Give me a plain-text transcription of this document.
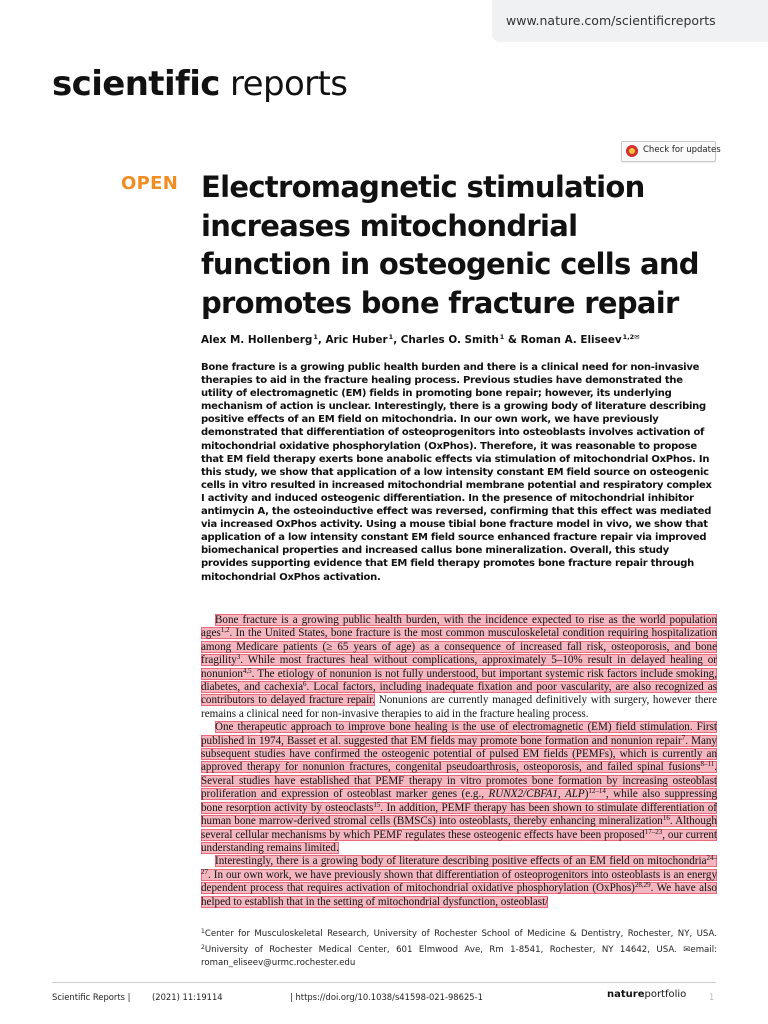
www.nature.com/scientificreports
scientific reports
Check for updates
OPEN Electromagnetic stimulation increases mitochondrial function in osteogenic cells and promotes bone fracture repair
Alex M. Hollenberg$^1$, Aric Huber$^1$, Charles O. Smith$^1$ & Roman A. Eliseev$^{1,2✉}$

Bone fracture is a growing public health burden and there is a clinical need for non-invasive therapies to aid in the fracture healing process. Previous studies have demonstrated the utility of electromagnetic (EM) fields in promoting bone repair; however, its underlying mechanism of action is unclear. Interestingly, there is a growing body of literature describing positive effects of an EM field on mitochondria. In our own work, we have previously demonstrated that differentiation of osteoprogenitors into osteoblasts involves activation of mitochondrial oxidative phosphorylation (OxPhos). Therefore, it was reasonable to propose that EM field therapy exerts bone anabolic effects via stimulation of mitochondrial OxPhos. In this study, we show that application of a low intensity constant EM field source on osteogenic cells in vitro resulted in increased mitochondrial membrane potential and respiratory complex I activity and induced osteogenic differentiation. In the presence of mitochondrial inhibitor antimycin A, the osteoinductive effect was reversed, confirming that this effect was mediated via increased OxPhos activity. Using a mouse tibial bone fracture model in vivo, we show that application of a low intensity constant EM field source enhanced fracture repair via improved biomechanical properties and increased callus bone mineralization. Overall, this study provides supporting evidence that EM field therapy promotes bone fracture repair through mitochondrial OxPhos activation.

Bone fracture is a growing public health burden, with the incidence expected to rise as the world population ages$^{1,2}$. In the United States, bone fracture is the most common musculoskeletal condition requiring hospitalization among Medicare patients (≥ 65 years of age) as a consequence of increased fall risk, osteoporosis, and bone fragility$^3$. While most fractures heal without complications, approximately 5–10% result in delayed healing or nonunion$^{4,5}$. The etiology of nonunion is not fully understood, but important systemic risk factors include smoking, diabetes, and cachexia$^6$. Local factors, including inadequate fixation and poor vascularity, are also recognized as contributors to delayed fracture repair. Nonunions are currently managed definitively with surgery, however there remains a clinical need for non-invasive therapies to aid in the fracture healing process.

One therapeutic approach to improve bone healing is the use of electromagnetic (EM) field stimulation. First published in 1974, Basset et al. suggested that EM fields may promote bone formation and nonunion repair$^7$. Many subsequent studies have confirmed the osteogenic potential of pulsed EM fields (PEMFs), which is currently an approved therapy for nonunion fractures, congenital pseudoarthrosis, osteoporosis, and failed spinal fusions$^{8-11}$. Several studies have established that PEMF therapy in vitro promotes bone formation by increasing osteoblast proliferation and expression of osteoblast marker genes (e.g., RUNX2/CBFA1, ALP)$^{12-14}$, while also suppressing bone resorption activity by osteoclasts$^{15}$. In addition, PEMF therapy has been shown to stimulate differentiation of human bone marrow-derived stromal cells (BMSCs) into osteoblasts, thereby enhancing mineralization$^{16}$. Although several cellular mechanisms by which PEMF regulates these osteogenic effects have been proposed$^{17-23}$, our current understanding remains limited.

Interestingly, there is a growing body of literature describing positive effects of an EM field on mitochondria$^{24-27}$. In our own work, we have previously shown that differentiation of osteoprogenitors into osteoblasts is an energy dependent process that requires activation of mitochondrial oxidative phosphorylation (OxPhos)$^{28,29}$. We have also helped to establish that in the setting of mitochondrial dysfunction, osteoblast/

$^1$Center for Musculoskeletal Research, University of Rochester School of Medicine & Dentistry, Rochester, NY, USA. $^2$University of Rochester Medical Center, 601 Elmwood Ave, Rm 1-8541, Rochester, NY 14642, USA. ✉email: roman_eliseev@urmc.rochester.edu
Scientific Reports |	(2021) 11:19114	| https://doi.org/10.1038/s41598-021-98625-1	natureportfolio	1
